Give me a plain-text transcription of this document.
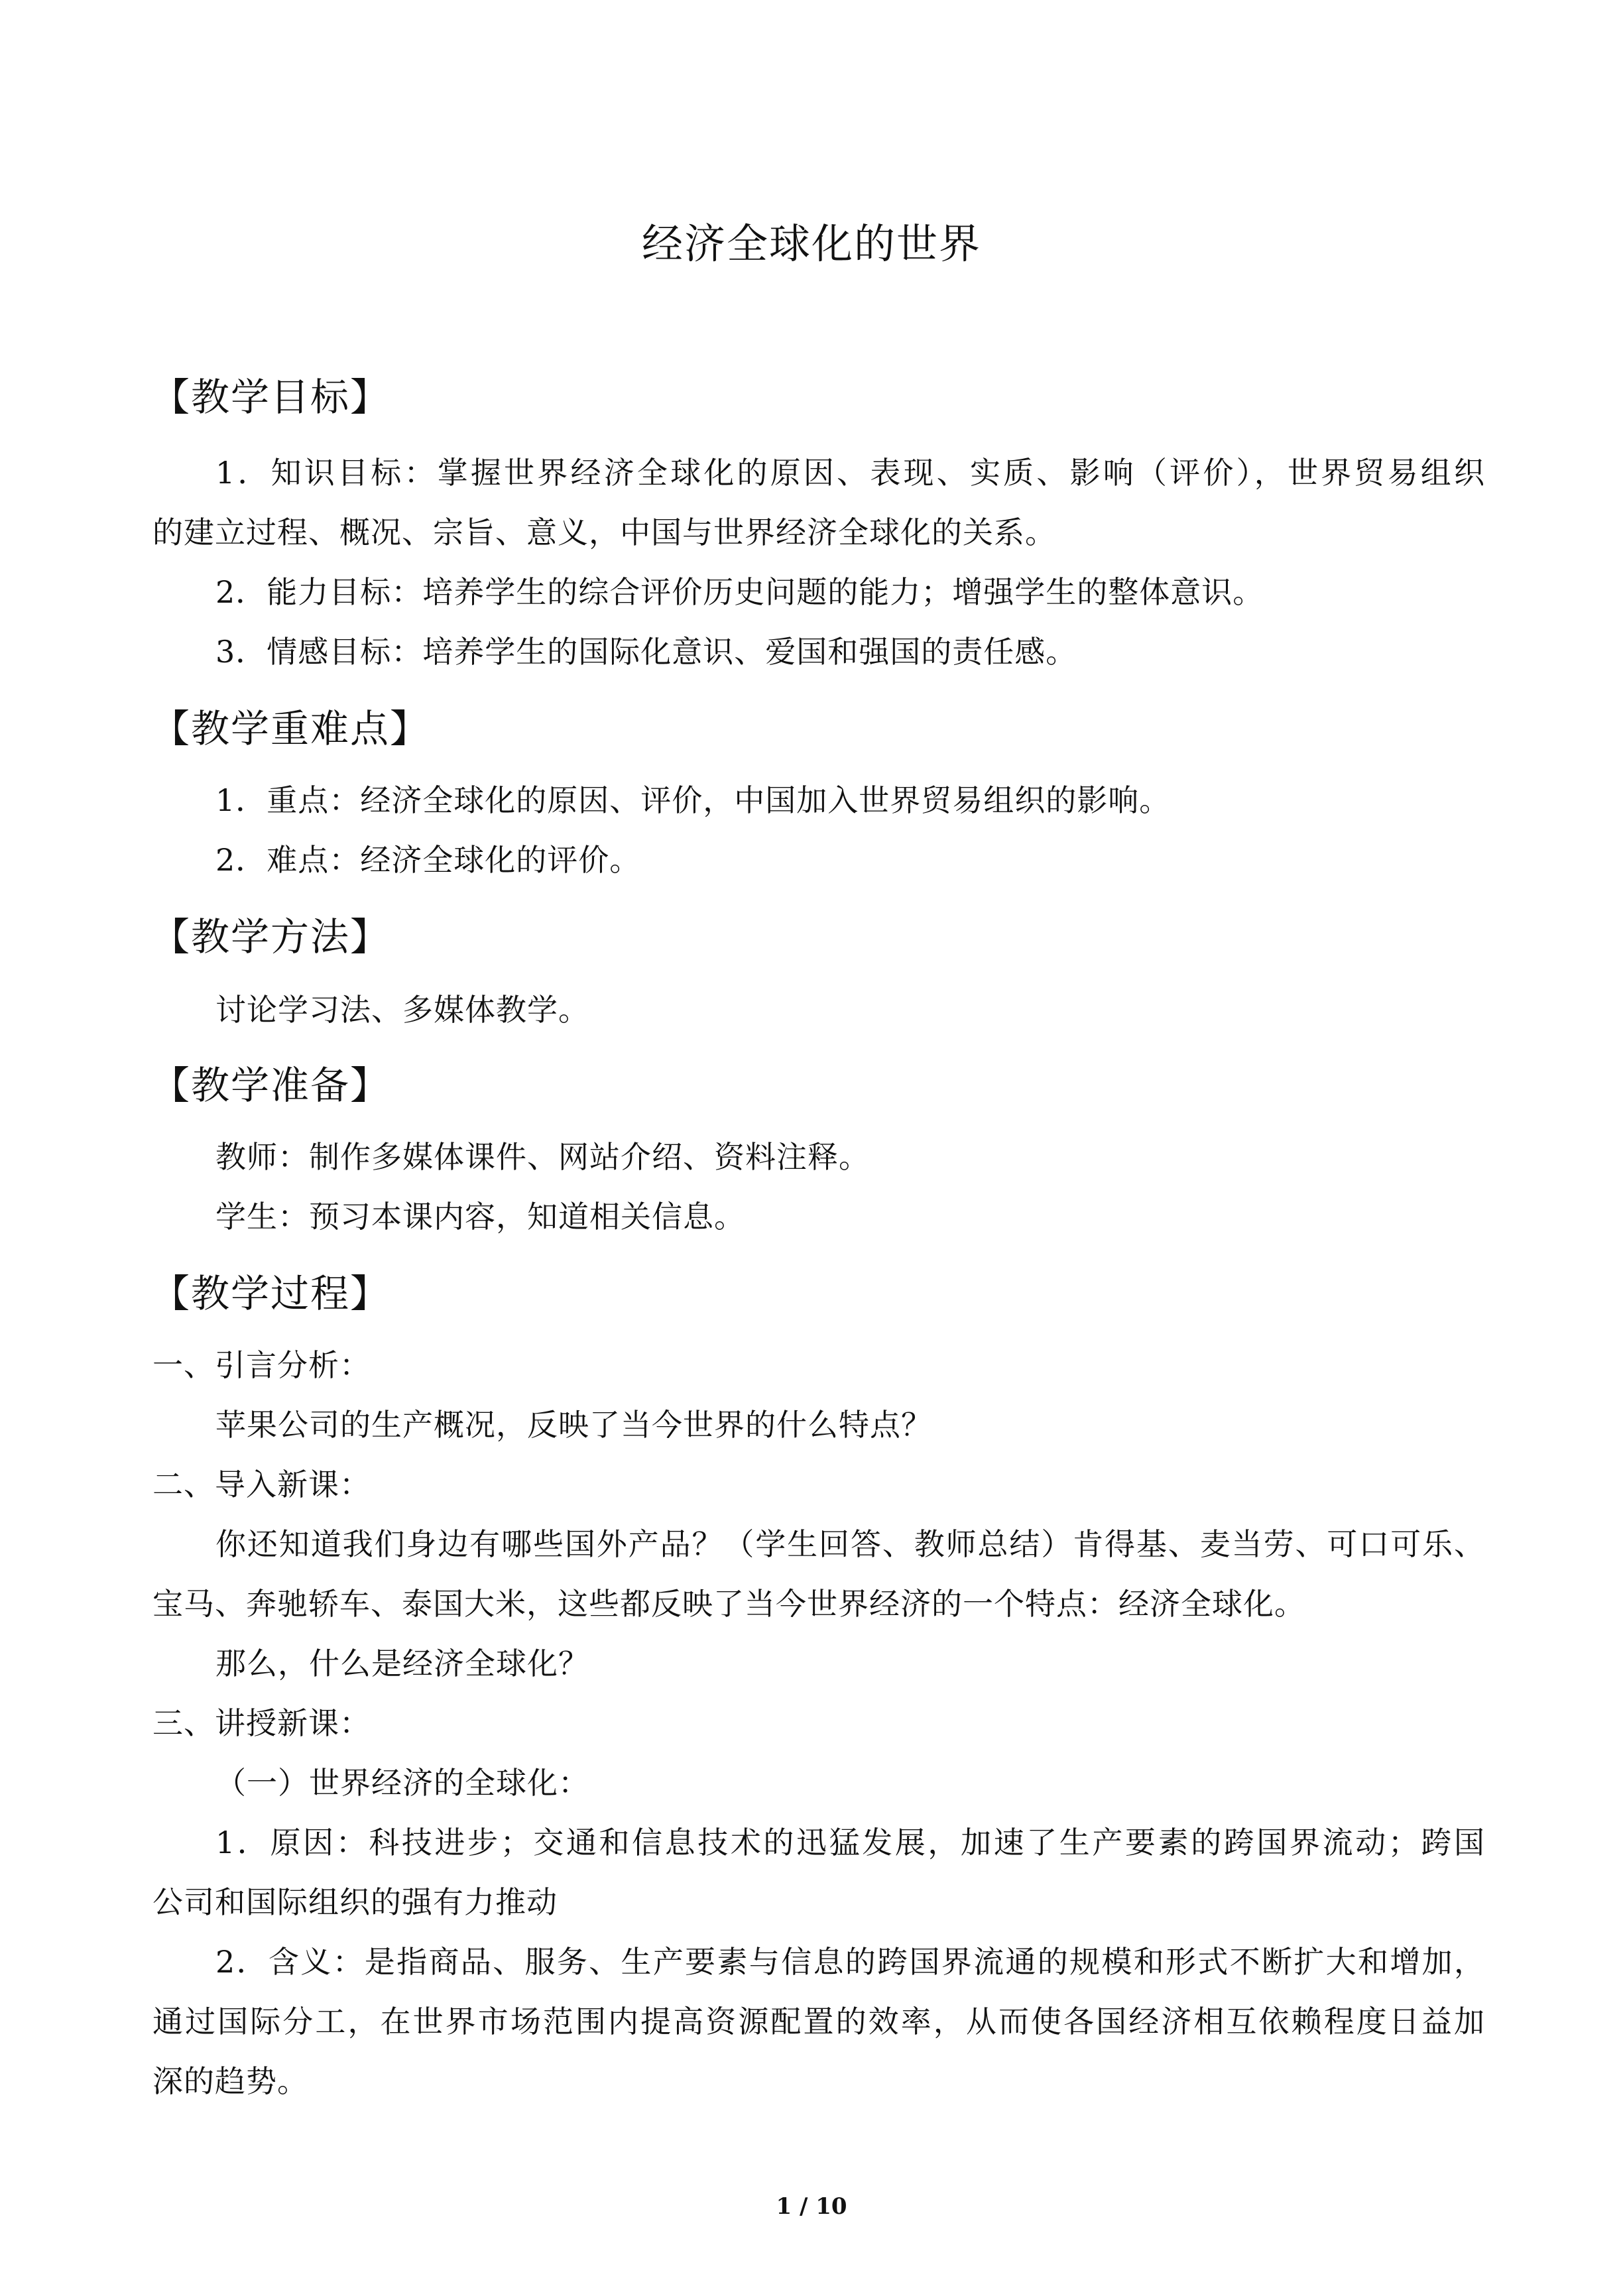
经济全球化的世界
【教学目标】
1．知识目标：掌握世界经济全球化的原因、表现、实质、影响（评价），世界贸易组织
的建立过程、概况、宗旨、意义，中国与世界经济全球化的关系。
2．能力目标：培养学生的综合评价历史问题的能力；增强学生的整体意识。
3．情感目标：培养学生的国际化意识、爱国和强国的责任感。
【教学重难点】
1．重点：经济全球化的原因、评价，中国加入世界贸易组织的影响。
2．难点：经济全球化的评价。
【教学方法】
讨论学习法、多媒体教学。
【教学准备】
教师：制作多媒体课件、网站介绍、资料注释。
学生：预习本课内容，知道相关信息。
【教学过程】
一、引言分析：
苹果公司的生产概况，反映了当今世界的什么特点？
二、导入新课：
你还知道我们身边有哪些国外产品？（学生回答、教师总结）肯得基、麦当劳、可口可乐、
宝马、奔驰轿车、泰国大米，这些都反映了当今世界经济的一个特点：经济全球化。
那么，什么是经济全球化？
三、讲授新课：
（一）世界经济的全球化：
1．原因：科技进步；交通和信息技术的迅猛发展，加速了生产要素的跨国界流动；跨国
公司和国际组织的强有力推动
2．含义：是指商品、服务、生产要素与信息的跨国界流通的规模和形式不断扩大和增加，
通过国际分工，在世界市场范围内提高资源配置的效率，从而使各国经济相互依赖程度日益加
深的趋势。
1 / 10
